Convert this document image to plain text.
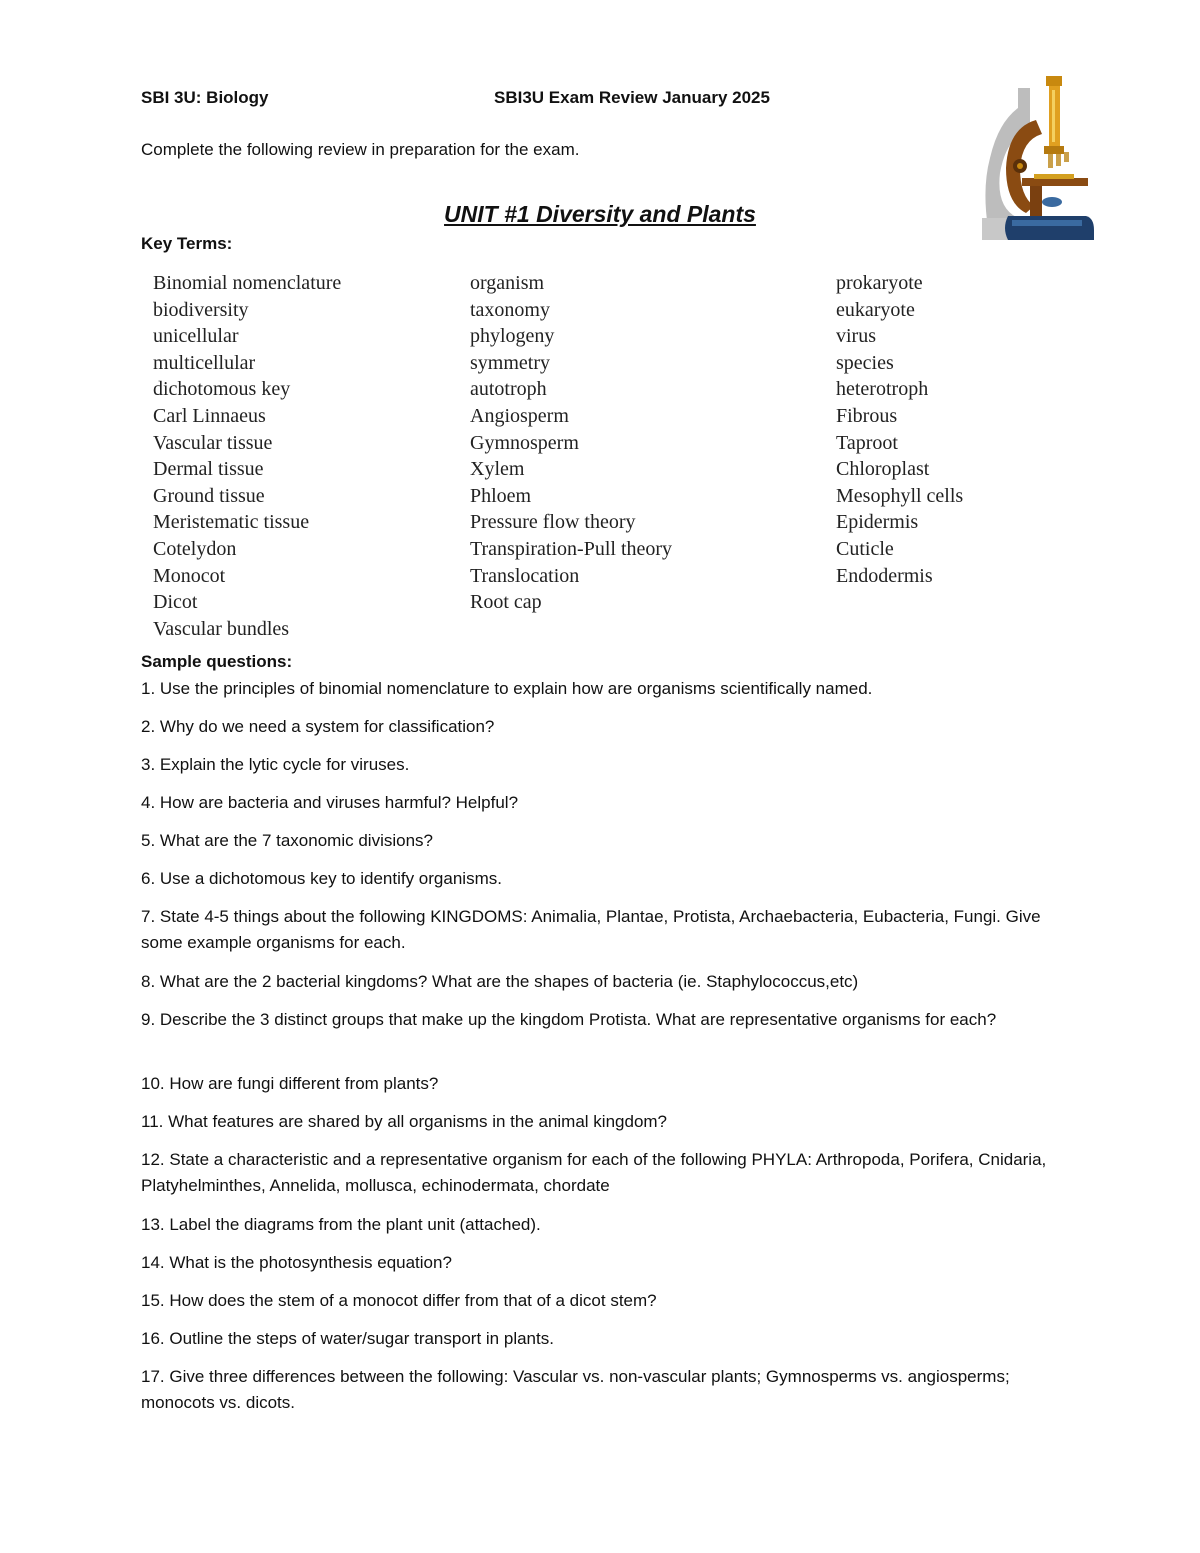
SBI 3U: Biology	SBI3U Exam Review January 2025
Complete the following review in preparation for the exam.
UNIT #1 Diversity and Plants
Key Terms:
Binomial nomenclature
biodiversity
unicellular
multicellular
dichotomous key
Carl Linnaeus
Vascular tissue
Dermal tissue
Ground tissue
Meristematic tissue
Cotelydon
Monocot
Dicot
Vascular bundles
organism
taxonomy
phylogeny
symmetry
autotroph
Angiosperm
Gymnosperm
Xylem
Phloem
Pressure flow theory
Transpiration-Pull theory
Translocation
Root cap
prokaryote
eukaryote
virus
species
heterotroph
Fibrous
Taproot
Chloroplast
Mesophyll cells
Epidermis
Cuticle
Endodermis
Sample questions:

1. Use the principles of binomial nomenclature to explain how are organisms scientifically named.

2. Why do we need a system for classification?

3. Explain the lytic cycle for viruses.

4. How are bacteria and viruses harmful? Helpful?

5. What are the 7 taxonomic divisions?

6. Use a dichotomous key to identify organisms.

7. State 4-5 things about the following KINGDOMS: Animalia, Plantae, Protista, Archaebacteria, Eubacteria, Fungi. Give some example organisms for each.

8. What are the 2 bacterial kingdoms? What are the shapes of bacteria (ie. Staphylococcus,etc)

9. Describe the 3 distinct groups that make up the kingdom Protista. What are representative organisms for each?

10. How are fungi different from plants?

11. What features are shared by all organisms in the animal kingdom?

12. State a characteristic and a representative organism for each of the following PHYLA: Arthropoda, Porifera, Cnidaria, Platyhelminthes, Annelida, mollusca, echinodermata, chordate

13. Label the diagrams from the plant unit (attached).

14. What is the photosynthesis equation?

15. How does the stem of a monocot differ from that of a dicot stem?

16. Outline the steps of water/sugar transport in plants.

17. Give three differences between the following: Vascular vs. non-vascular plants; Gymnosperms vs. angiosperms; monocots vs. dicots.
